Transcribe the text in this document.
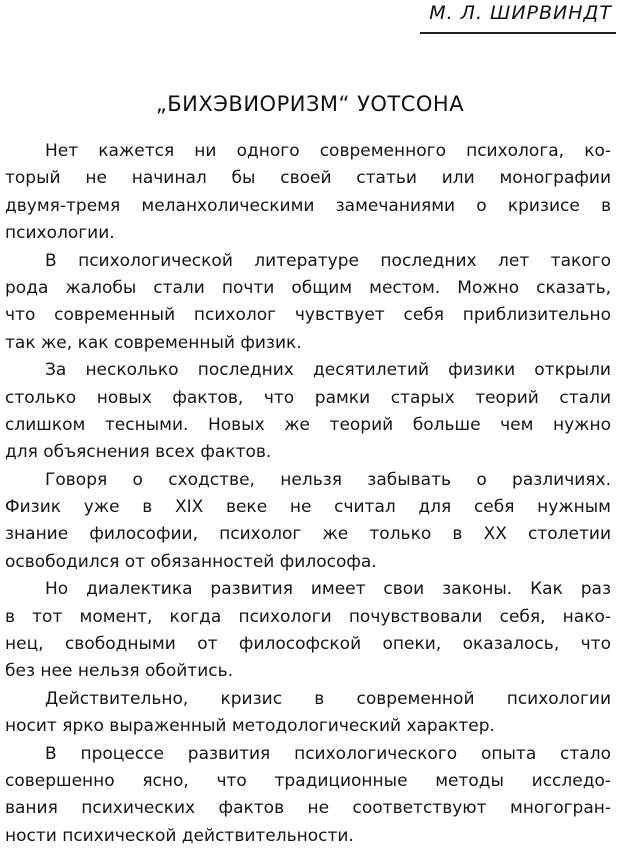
М. Л. ШИРВИНДТ
„БИХЭВИОРИЗМ“ УОТСОНА
Нет кажется ни одного современного психолога, ко-
торый не начинал бы своей статьи или монографии
двумя-тремя меланхолическими замечаниями о кризисе в
психологии.
В психологической литературе последних лет такого
рода жалобы стали почти общим местом. Можно сказать,
что современный психолог чувствует себя приблизительно
так же, как современный физик.
За несколько последних десятилетий физики открыли
столько новых фактов, что рамки старых теорий стали
слишком тесными. Новых же теорий больше чем нужно
для объяснения всех фактов.
Говоря о сходстве, нельзя забывать о различиях.
Физик уже в XIX веке не считал для себя нужным
знание философии, психолог же только в XX столетии
освободился от обязанностей философа.
Но диалектика развития имеет свои законы. Как раз
в тот момент, когда психологи почувствовали себя, нако-
нец, свободными от философской опеки, оказалось, что
без нее нельзя обойтись.
Действительно, кризис в современной психологии
носит ярко выраженный методологический характер.
В процессе развития психологического опыта стало
совершенно ясно, что традиционные методы исследо-
вания психических фактов не соответствуют многогран-
ности психической действительности.
